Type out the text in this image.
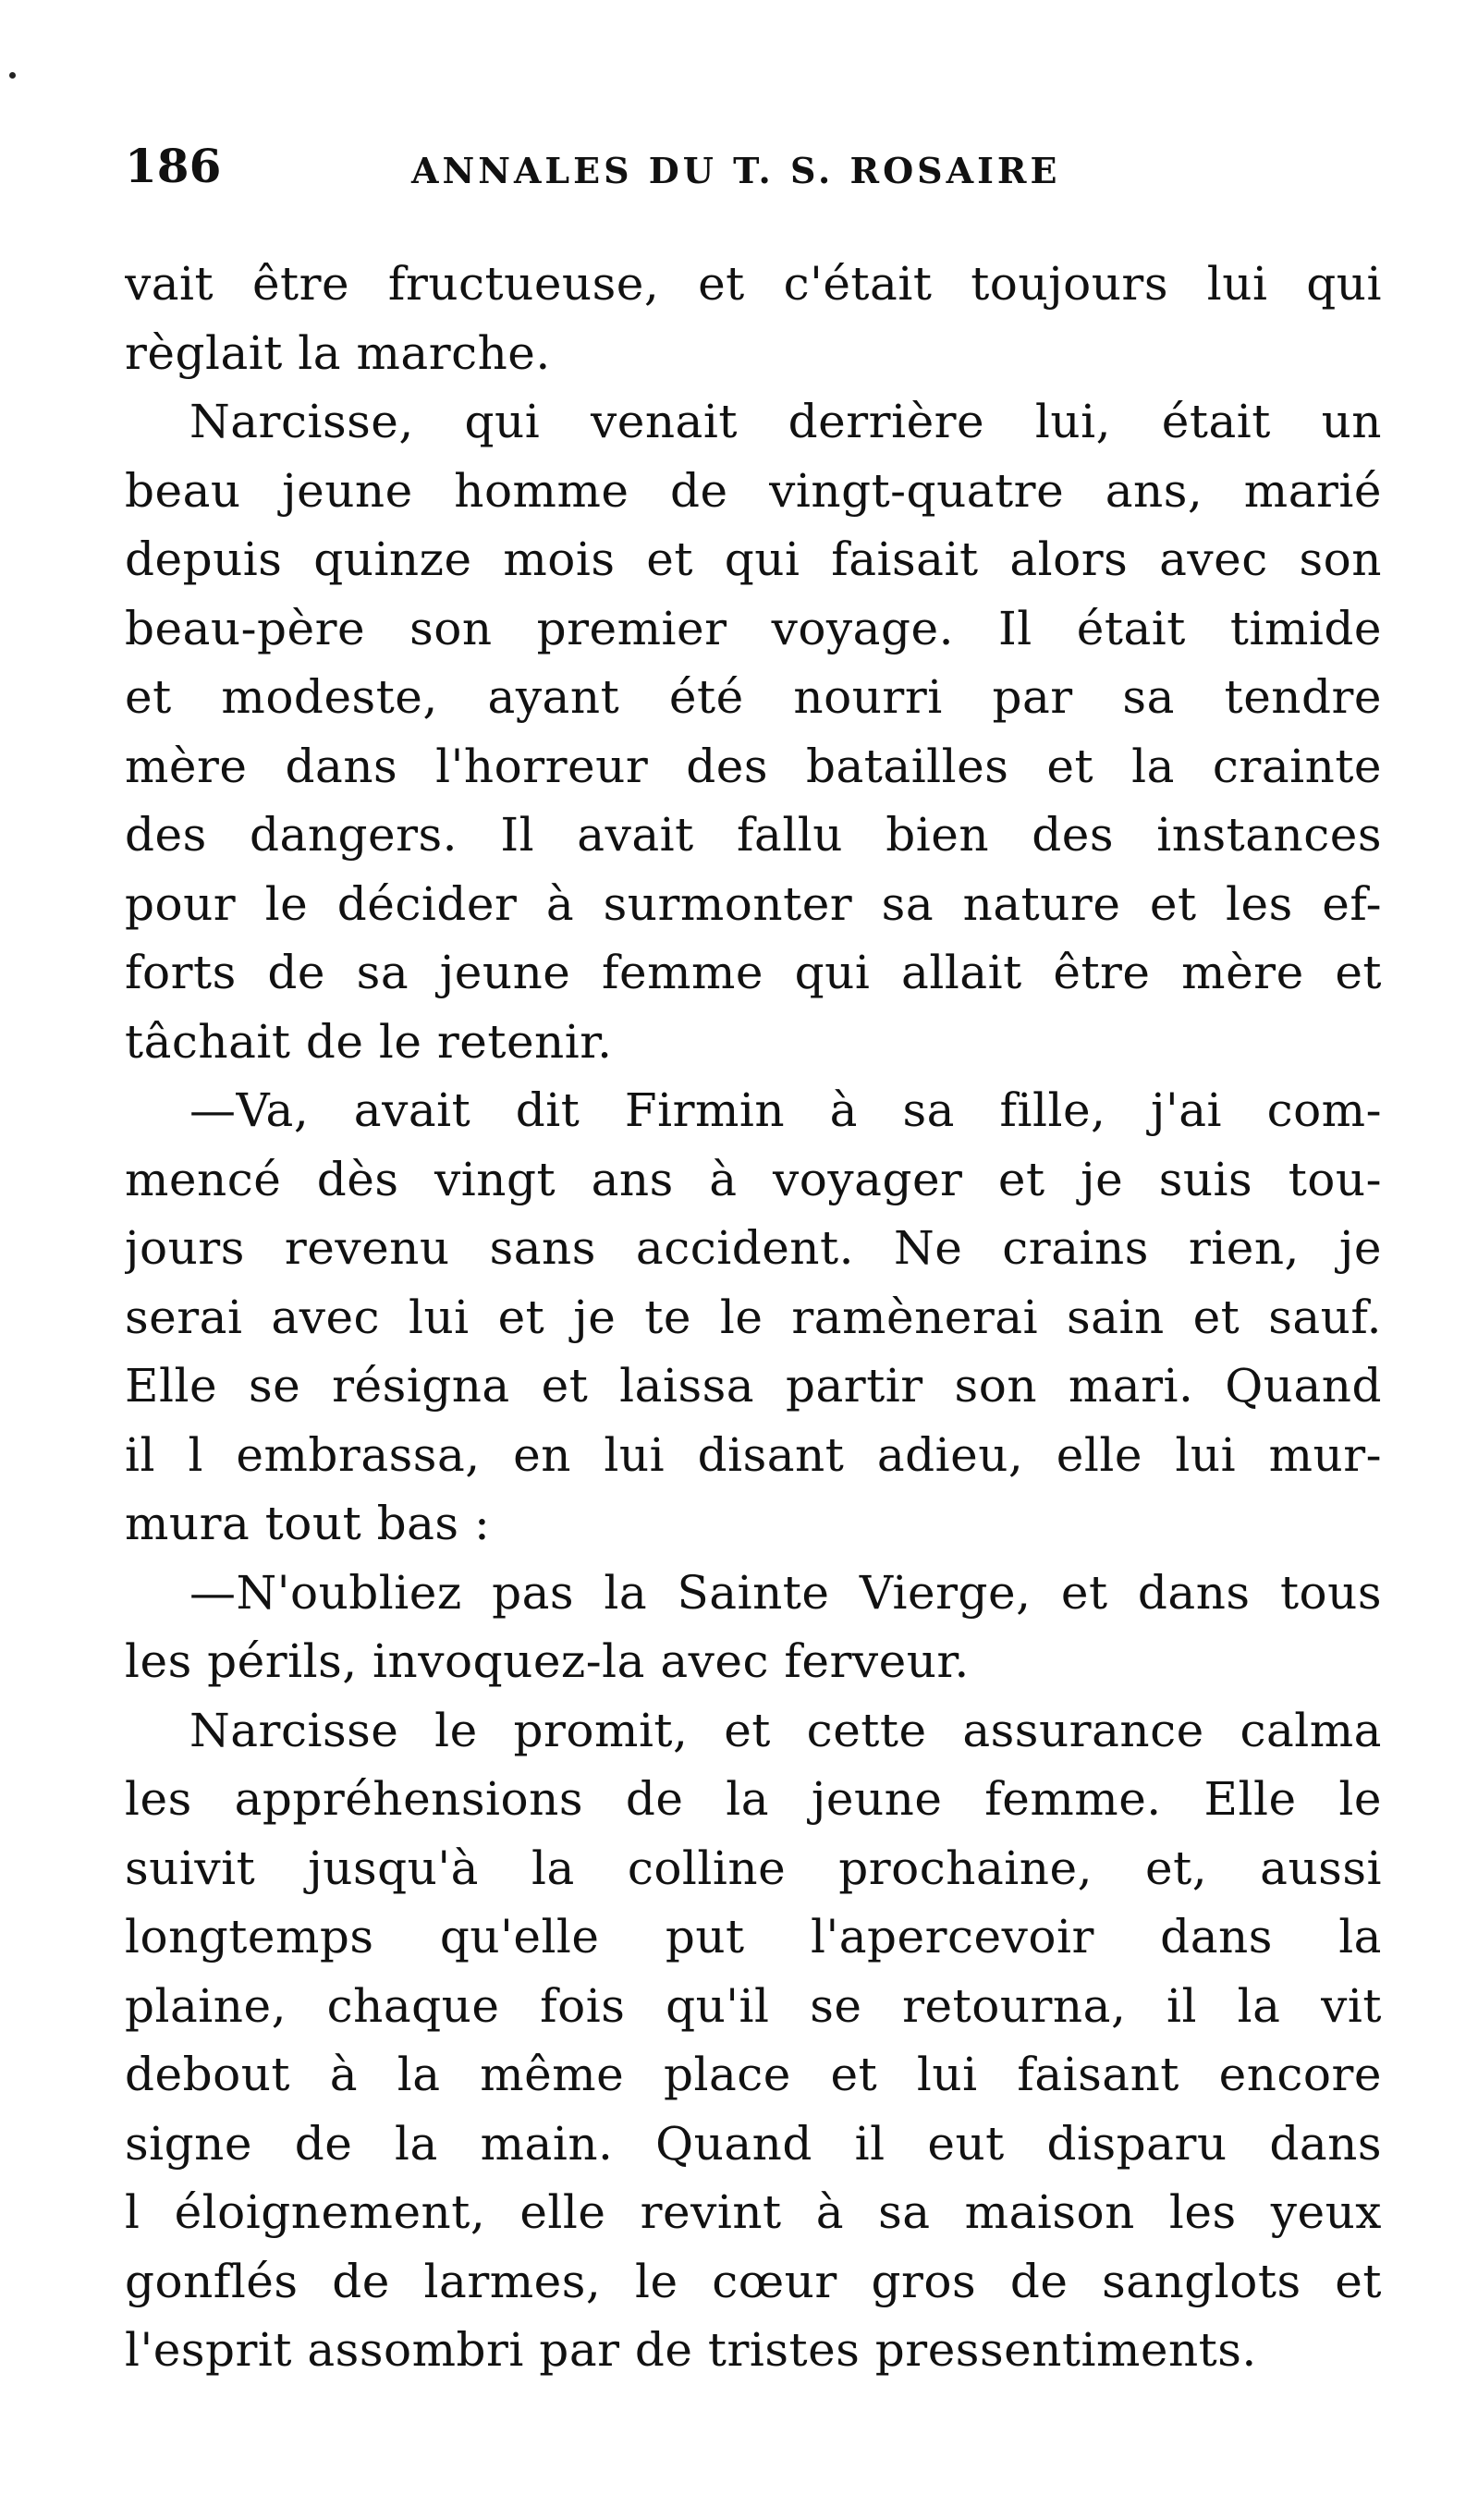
186	ANNALES DU T. S. ROSAIRE
vait être fructueuse, et c'était toujours lui qui
règlait la marche.
Narcisse, qui venait derrière lui, était un
beau jeune homme de vingt-quatre ans, marié
depuis quinze mois et qui faisait alors avec son
beau-père son premier voyage. Il était timide
et modeste, ayant été nourri par sa tendre
mère dans l'horreur des batailles et la crainte
des dangers. Il avait fallu bien des instances
pour le décider à surmonter sa nature et les ef-
forts de sa jeune femme qui allait être mère et
tâchait de le retenir.
—Va, avait dit Firmin à sa fille, j'ai com-
mencé dès vingt ans à voyager et je suis tou-
jours revenu sans accident. Ne crains rien, je
serai avec lui et je te le ramènerai sain et sauf.
Elle se résigna et laissa partir son mari. Quand
il l embrassa, en lui disant adieu, elle lui mur-
mura tout bas :
—N'oubliez pas la Sainte Vierge, et dans tous
les périls, invoquez-la avec ferveur.
Narcisse le promit, et cette assurance calma
les appréhensions de la jeune femme. Elle le
suivit jusqu'à la colline prochaine, et, aussi
longtemps qu'elle put l'apercevoir dans la
plaine, chaque fois qu'il se retourna, il la vit
debout à la même place et lui faisant encore
signe de la main. Quand il eut disparu dans
l éloignement, elle revint à sa maison les yeux
gonflés de larmes, le cœur gros de sanglots et
l'esprit assombri par de tristes pressentiments.
